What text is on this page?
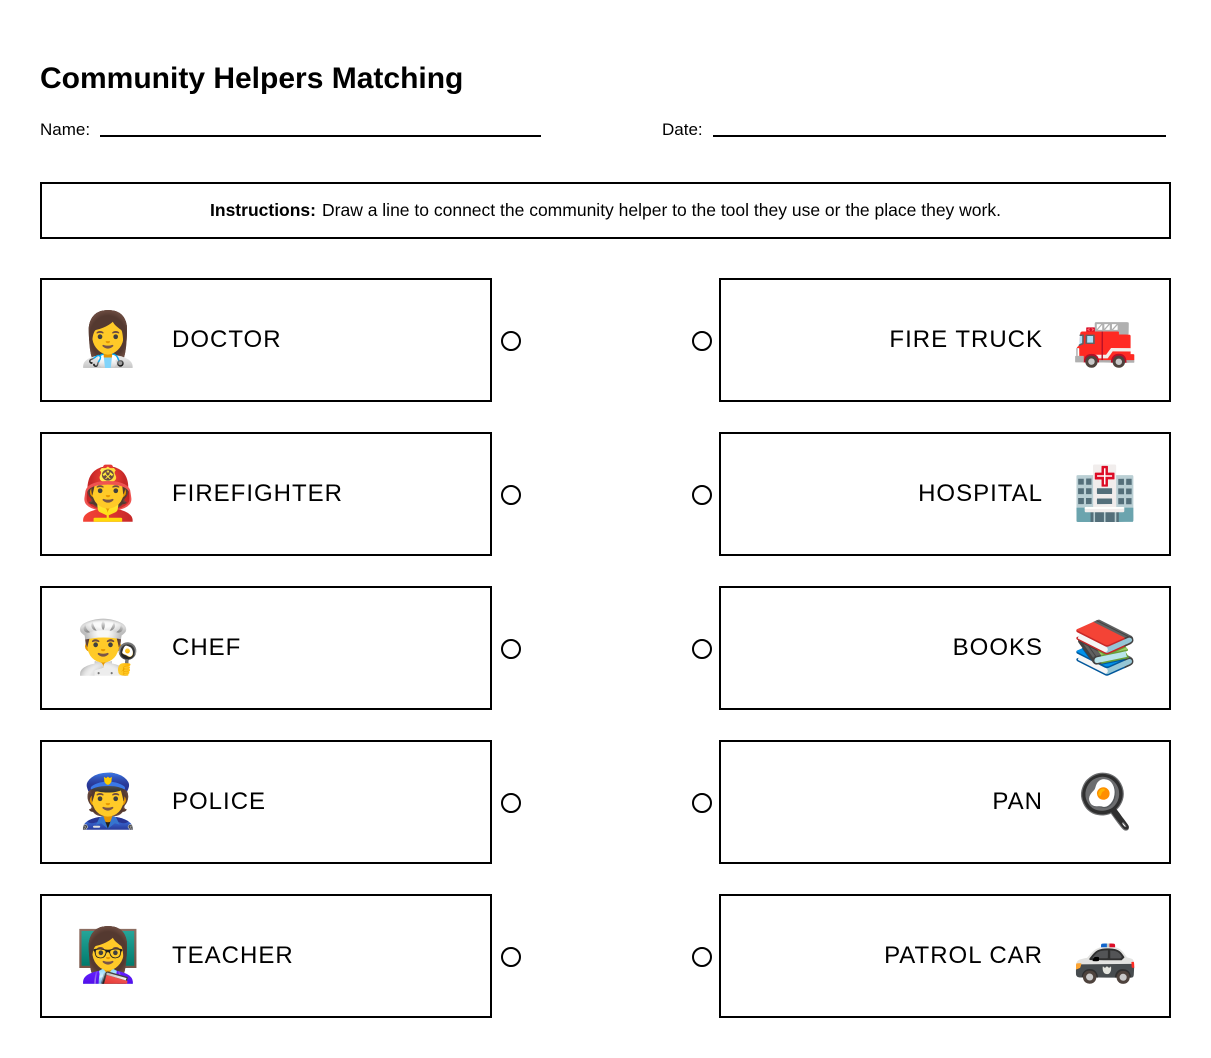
Community Helpers Matching
Name:	Date:
Instructions: Draw a line to connect the community helper to the tool they use or the place they work.
👩‍⚕️ DOCTOR
🧑‍🚒 FIREFIGHTER
👨‍🍳 CHEF
👮 POLICE
👩‍🏫 TEACHER
FIRE TRUCK 🚒
HOSPITAL 🏥
BOOKS 📚
PAN 🍳
PATROL CAR 🚓
